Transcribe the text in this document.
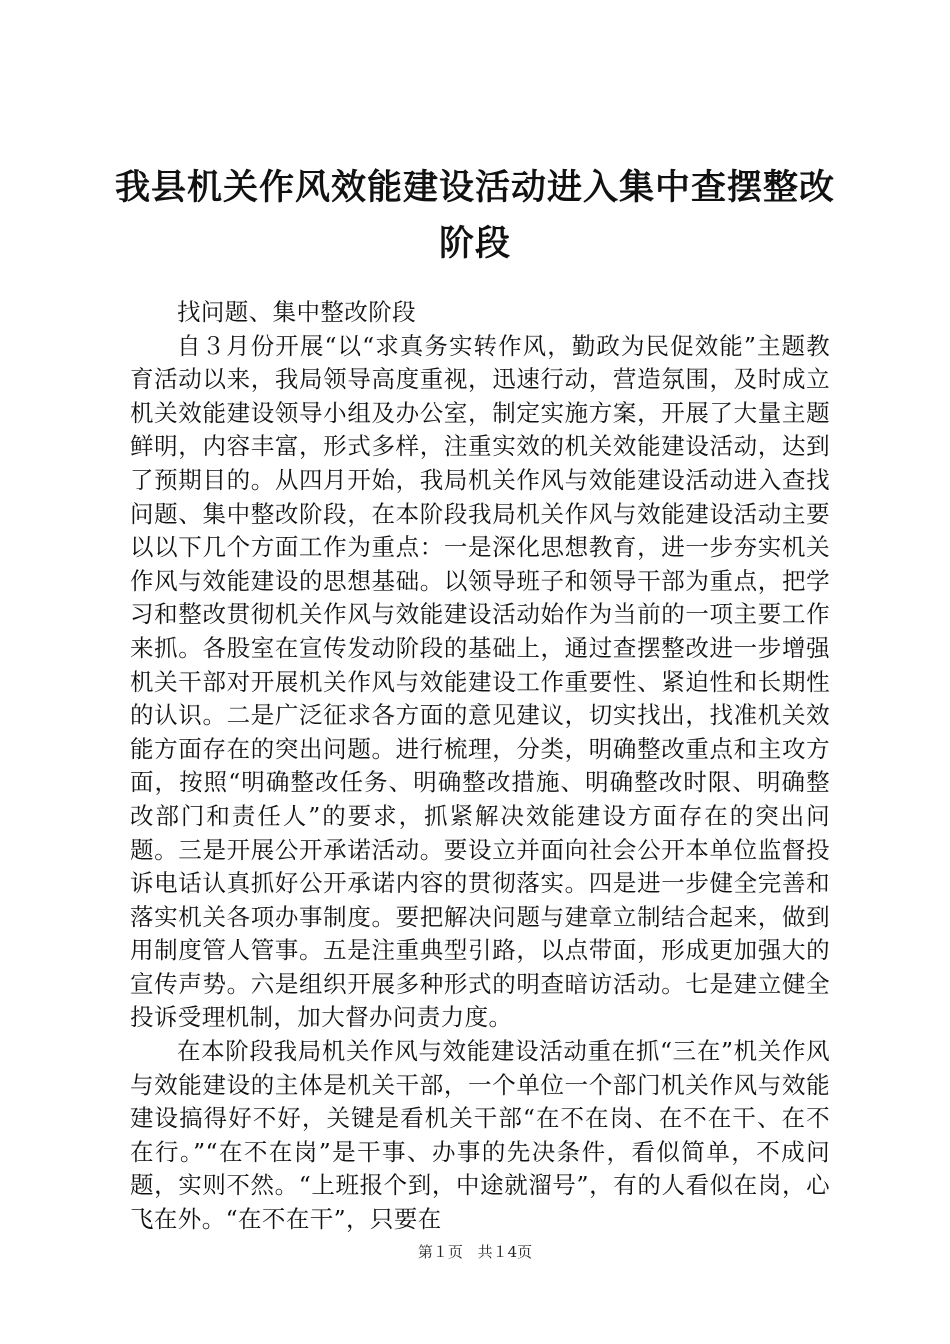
我县机关作风效能建设活动进入集中查摆整改
阶段

找问题、集中整改阶段

自３月份开展“以“求真务实转作风，勤政为民促效能”主题教育活动以来，我局领导高度重视，迅速行动，营造氛围，及时成立机关效能建设领导小组及办公室，制定实施方案，开展了大量主题鲜明，内容丰富，形式多样，注重实效的机关效能建设活动，达到了预期目的。从四月开始，我局机关作风与效能建设活动进入查找问题、集中整改阶段，在本阶段我局机关作风与效能建设活动主要以以下几个方面工作为重点：一是深化思想教育，进一步夯实机关作风与效能建设的思想基础。以领导班子和领导干部为重点，把学习和整改贯彻机关作风与效能建设活动始作为当前的一项主要工作来抓。各股室在宣传发动阶段的基础上，通过查摆整改进一步增强机关干部对开展机关作风与效能建设工作重要性、紧迫性和长期性的认识。二是广泛征求各方面的意见建议，切实找出，找准机关效能方面存在的突出问题。进行梳理，分类，明确整改重点和主攻方面，按照“明确整改任务、明确整改措施、明确整改时限、明确整改部门和责任人”的要求，抓紧解决效能建设方面存在的突出问题。三是开展公开承诺活动。要设立并面向社会公开本单位监督投诉电话认真抓好公开承诺内容的贯彻落实。四是进一步健全完善和落实机关各项办事制度。要把解决问题与建章立制结合起来，做到用制度管人管事。五是注重典型引路，以点带面，形成更加强大的宣传声势。六是组织开展多种形式的明查暗访活动。七是建立健全投诉受理机制，加大督办问责力度。

在本阶段我局机关作风与效能建设活动重在抓“三在”机关作风与效能建设的主体是机关干部，一个单位一个部门机关作风与效能建设搞得好不好，关键是看机关干部“在不在岗、在不在干、在不在行。”“在不在岗”是干事、办事的先决条件，看似简单，不成问题，实则不然。“上班报个到，中途就溜号”，有的人看似在岗，心飞在外。“在不在干”，只要在

第１页 共１4页
